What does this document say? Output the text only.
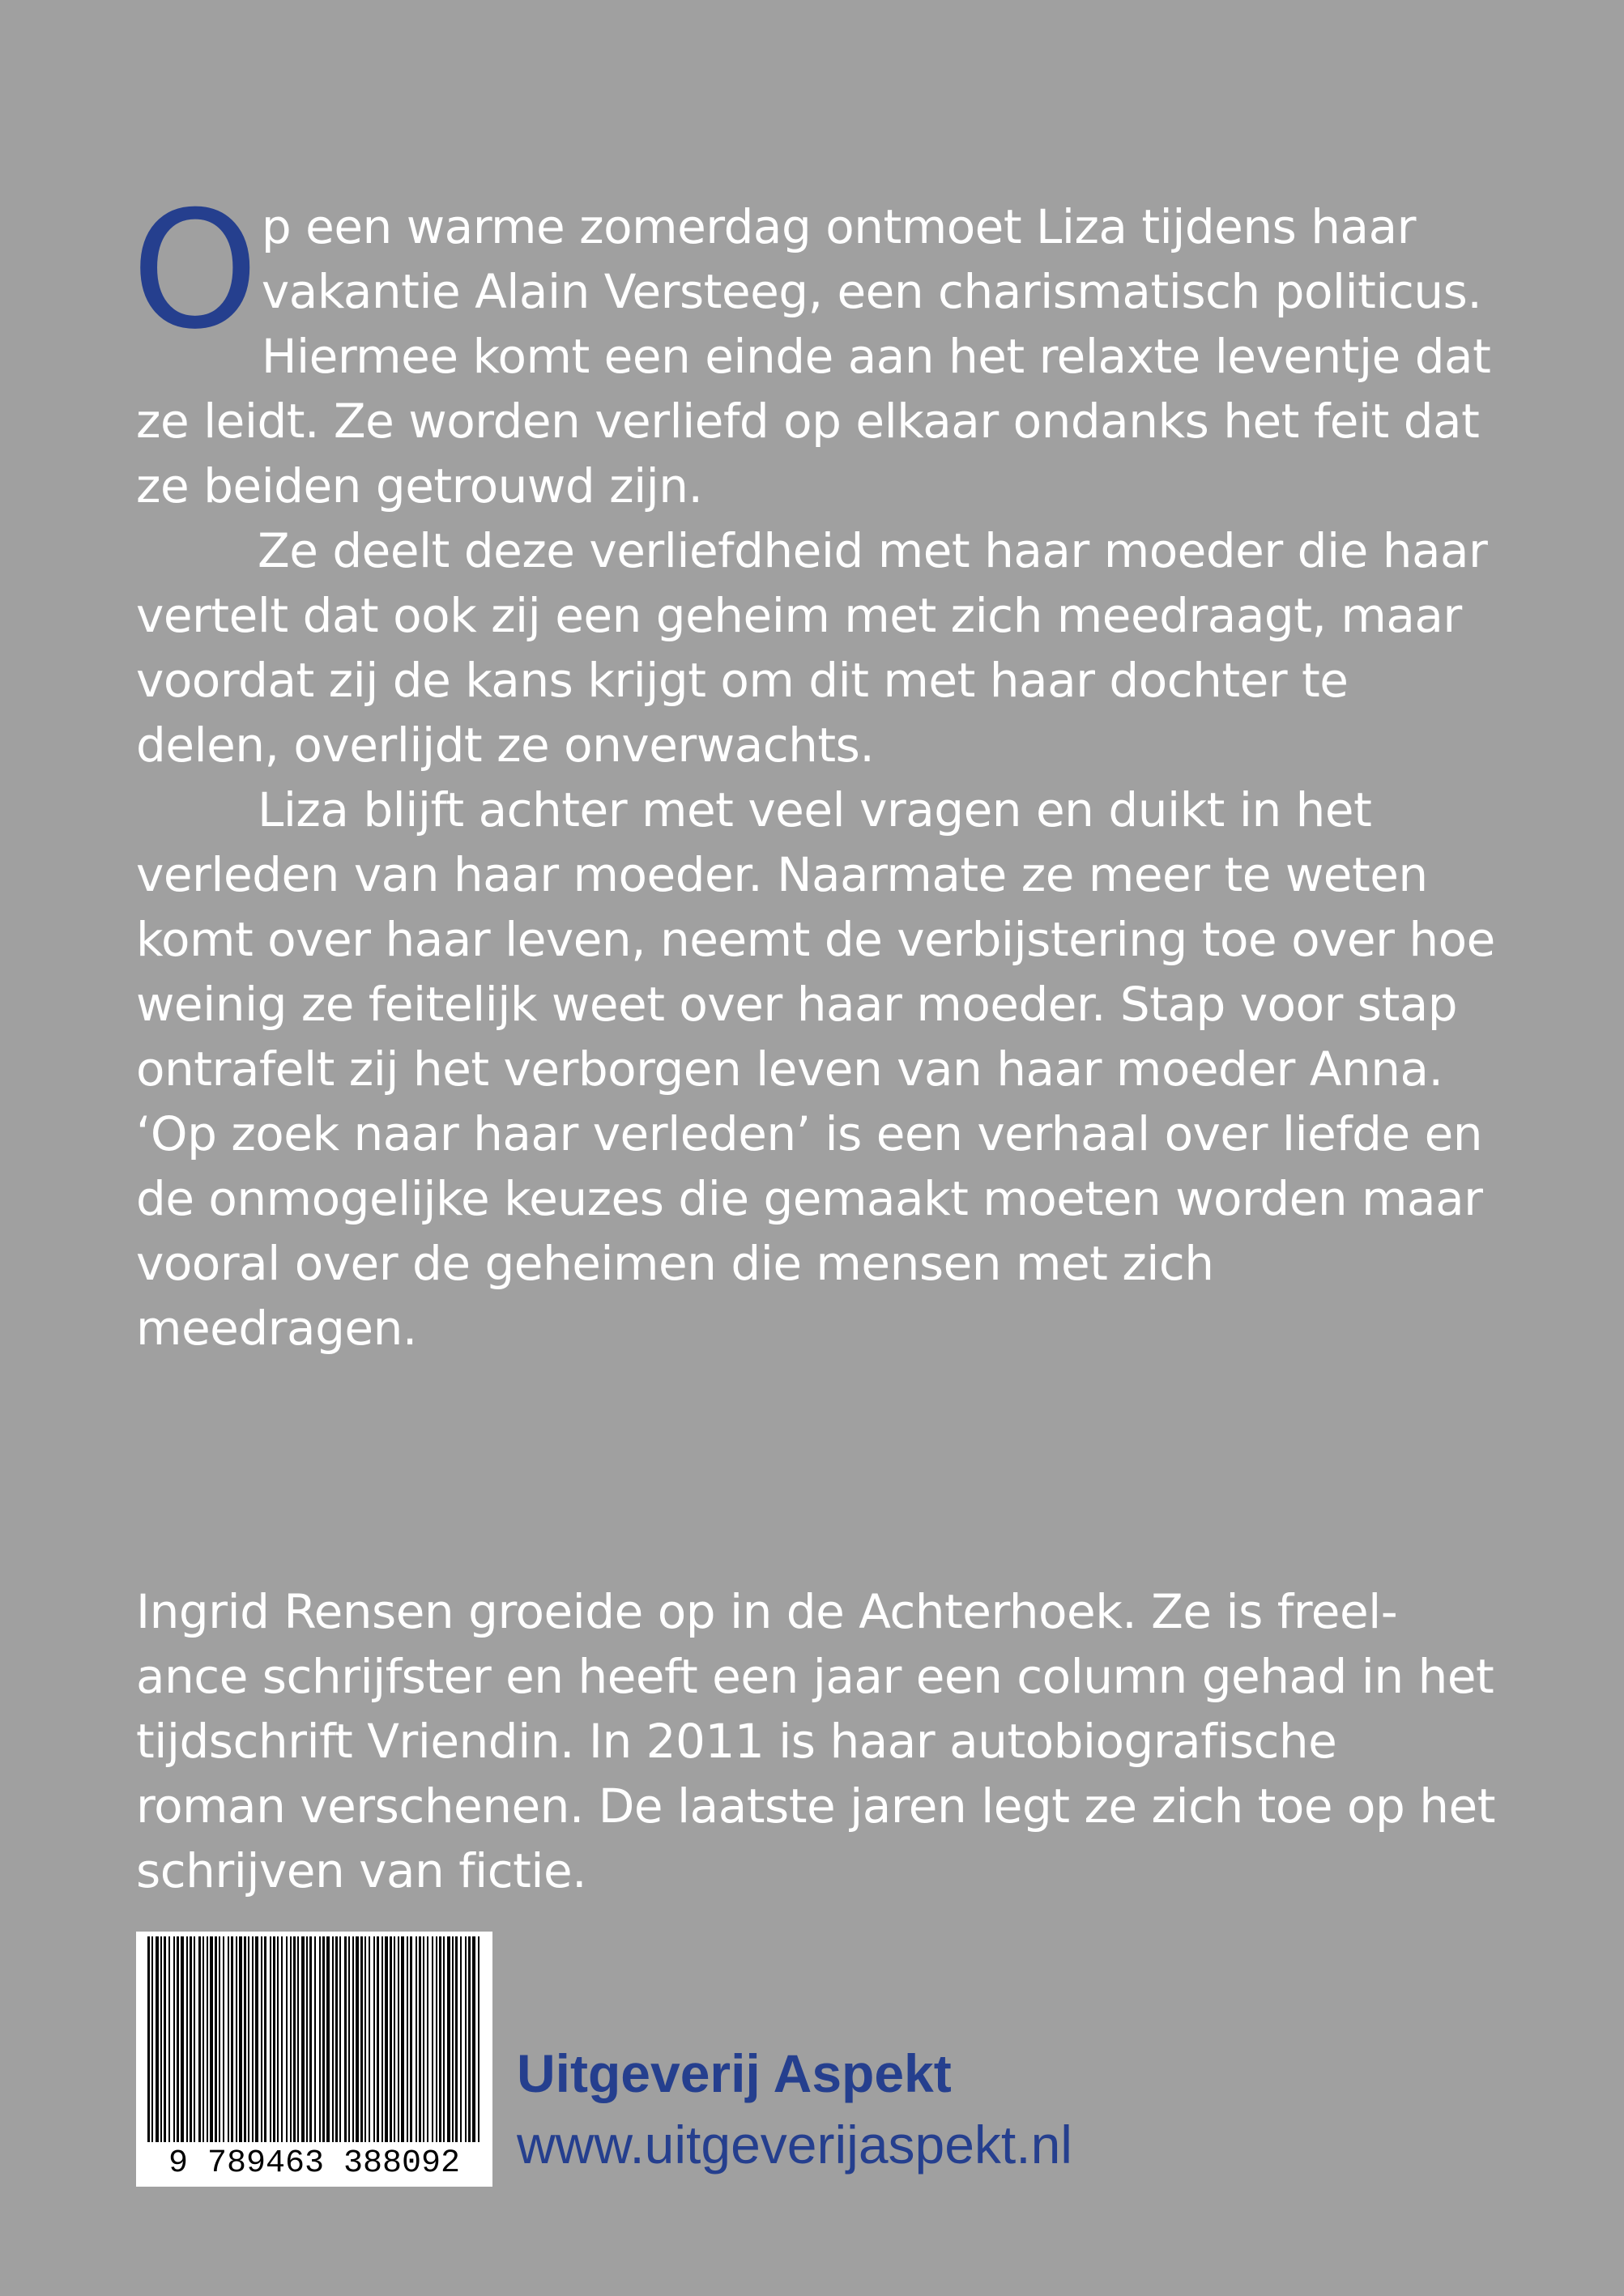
Op een warme zomerdag ontmoet Liza tijdens haar vakantie Alain Versteeg, een charismatisch politicus. Hiermee komt een einde aan het relaxte leventje dat ze leidt. Ze worden verliefd op elkaar ondanks het feit dat ze beiden getrouwd zijn.

Ze deelt deze verliefdheid met haar moeder die haar vertelt dat ook zij een geheim met zich meedraagt, maar voordat zij de kans krijgt om dit met haar dochter te delen, overlijdt ze onverwachts.

Liza blijft achter met veel vragen en duikt in het verleden van haar moeder. Naarmate ze meer te weten komt over haar leven, neemt de verbijstering toe over hoe weinig ze feitelijk weet over haar moeder. Stap voor stap ontrafelt zij het verborgen leven van haar moeder Anna.

‘Op zoek naar haar verleden’ is een verhaal over liefde en de onmogelijke keuzes die gemaakt moeten worden maar vooral over de geheimen die mensen met zich meedragen.

Ingrid Rensen groeide op in de Achterhoek. Ze is freel-ance schrijfster en heeft een jaar een column gehad in het tijdschrift Vriendin. In 2011 is haar autobiografische roman verschenen. De laatste jaren legt ze zich toe op het schrijven van fictie.

9 789463 388092
Uitgeverij Aspekt
www.uitgeverijaspekt.nl
